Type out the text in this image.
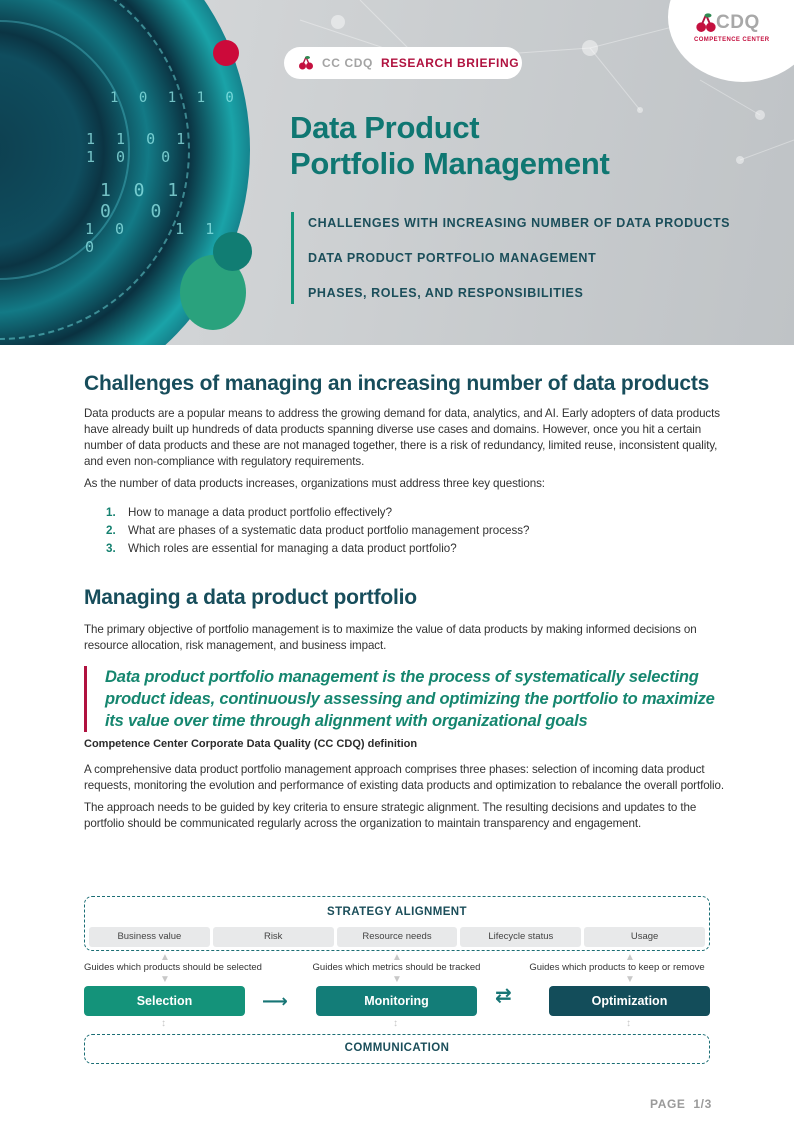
1 0 1 1 0
1 1 0 1
1 0  0
1 0 1 0  0
1 0   1 1 0
CC CDQ RESEARCH BRIEFING
CDQ
COMPETENCE CENTER
Data Product
Portfolio Management
CHALLENGES WITH INCREASING NUMBER OF DATA PRODUCTS
DATA PRODUCT PORTFOLIO MANAGEMENT
PHASES, ROLES, AND RESPONSIBILITIES
Challenges of managing an increasing number of data products

Data products are a popular means to address the growing demand for data, analytics, and AI. Early adopters of data products have already built up hundreds of data products spanning diverse use cases and domains. However, once you hit a certain number of data products and these are not managed together, there is a risk of redundancy, limited reuse, inconsistent quality, and even non-compliance with regulatory requirements.

As the number of data products increases, organizations must address three key questions:

1.	How to manage a data product portfolio effectively?
2.	What are phases of a systematic data product portfolio management process?
3.	Which roles are essential for managing a data product portfolio?
Managing a data product portfolio

The primary objective of portfolio management is to maximize the value of data products by making informed decisions on resource allocation, risk management, and business impact.

Data product portfolio management is the process of systematically selecting product ideas, continuously assessing and optimizing the portfolio to maximize its value over time through alignment with organizational goals

Competence Center Corporate Data Quality (CC CDQ) definition

A comprehensive data product portfolio management approach comprises three phases: selection of incoming data product requests, monitoring the evolution and performance of existing data products and optimization to rebalance the overall portfolio.

The approach needs to be guided by key criteria to ensure strategic alignment. The resulting decisions and updates to the portfolio should be communicated regularly across the organization to maintain transparency and engagement.

STRATEGY ALIGNMENT
Business value	Risk	Resource needs	Lifecycle status	Usage
▲	▲	▲
Guides which products should be selected	Guides which metrics should be tracked	Guides which products to keep or remove
▼	▼	▼
Selection	⟶	Monitoring	⇄	Optimization
↕	↕	↕
COMMUNICATION
PAGE  1/3
